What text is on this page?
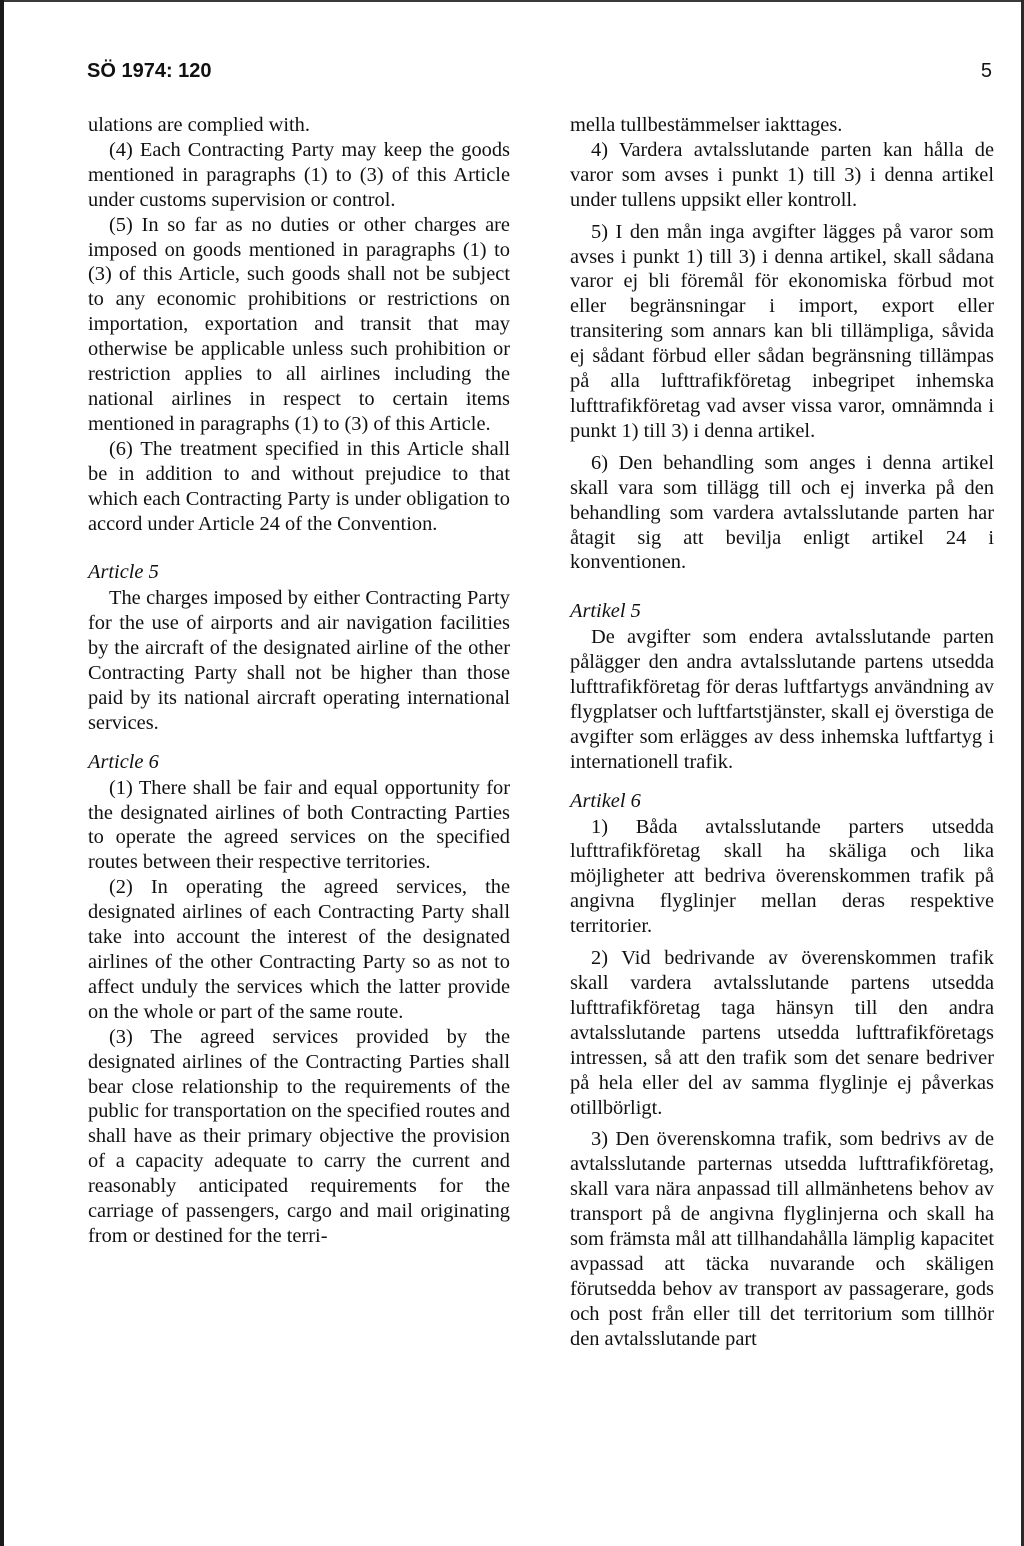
SÖ 1974: 120	5

ulations are complied with.

(4) Each Contracting Party may keep the goods mentioned in paragraphs (1) to (3) of this Article under customs supervision or control.

(5) In so far as no duties or other charges are imposed on goods mentioned in paragraphs (1) to (3) of this Article, such goods shall not be subject to any economic prohibitions or restrictions on importation, exportation and transit that may otherwise be applicable unless such prohibition or restriction applies to all airlines including the national airlines in respect to certain items mentioned in paragraphs (1) to (3) of this Article.

(6) The treatment specified in this Article shall be in addition to and without prejudice to that which each Contracting Party is under obligation to accord under Article 24 of the Convention.

Article 5

The charges imposed by either Contracting Party for the use of airports and air navigation facilities by the aircraft of the designated airline of the other Contracting Party shall not be higher than those paid by its national aircraft operating international services.

Article 6

(1) There shall be fair and equal opportunity for the designated airlines of both Contracting Parties to operate the agreed services on the specified routes between their respective territories.

(2) In operating the agreed services, the designated airlines of each Contracting Party shall take into account the interest of the designated airlines of the other Contracting Party so as not to affect unduly the services which the latter provide on the whole or part of the same route.

(3) The agreed services provided by the designated airlines of the Contracting Parties shall bear close relationship to the requirements of the public for transportation on the specified routes and shall have as their primary objective the provision of a capacity adequate to carry the current and reasonably anticipated requirements for the carriage of passengers, cargo and mail originating from or destined for the terri-

mella tullbestämmelser iakttages.

4) Vardera avtalsslutande parten kan hålla de varor som avses i punkt 1) till 3) i denna artikel under tullens uppsikt eller kontroll.

5) I den mån inga avgifter lägges på varor som avses i punkt 1) till 3) i denna artikel, skall sådana varor ej bli föremål för ekonomiska förbud mot eller begränsningar i import, export eller transitering som annars kan bli tillämpliga, såvida ej sådant förbud eller sådan begränsning tillämpas på alla lufttrafikföretag inbegripet inhemska lufttrafikföretag vad avser vissa varor, omnämnda i punkt 1) till 3) i denna artikel.

6) Den behandling som anges i denna artikel skall vara som tillägg till och ej inverka på den behandling som vardera avtalsslutande parten har åtagit sig att bevilja enligt artikel 24 i konventionen.

Artikel 5

De avgifter som endera avtalsslutande parten pålägger den andra avtalsslutande partens utsedda lufttrafikföretag för deras luftfartygs användning av flygplatser och luftfartstjänster, skall ej överstiga de avgifter som erlägges av dess inhemska luftfartyg i internationell trafik.

Artikel 6

1) Båda avtalsslutande parters utsedda lufttrafikföretag skall ha skäliga och lika möjligheter att bedriva överenskommen trafik på angivna flyglinjer mellan deras respektive territorier.

2) Vid bedrivande av överenskommen trafik skall vardera avtalsslutande partens utsedda lufttrafikföretag taga hänsyn till den andra avtalsslutande partens utsedda lufttrafikföretags intressen, så att den trafik som det senare bedriver på hela eller del av samma flyglinje ej påverkas otillbörligt.

3) Den överenskomna trafik, som bedrivs av de avtalsslutande parternas utsedda lufttrafikföretag, skall vara nära anpassad till allmänhetens behov av transport på de angivna flyglinjerna och skall ha som främsta mål att tillhandahålla lämplig kapacitet avpassad att täcka nuvarande och skäligen förutsedda behov av transport av passagerare, gods och post från eller till det territorium som tillhör den avtalsslutande part
